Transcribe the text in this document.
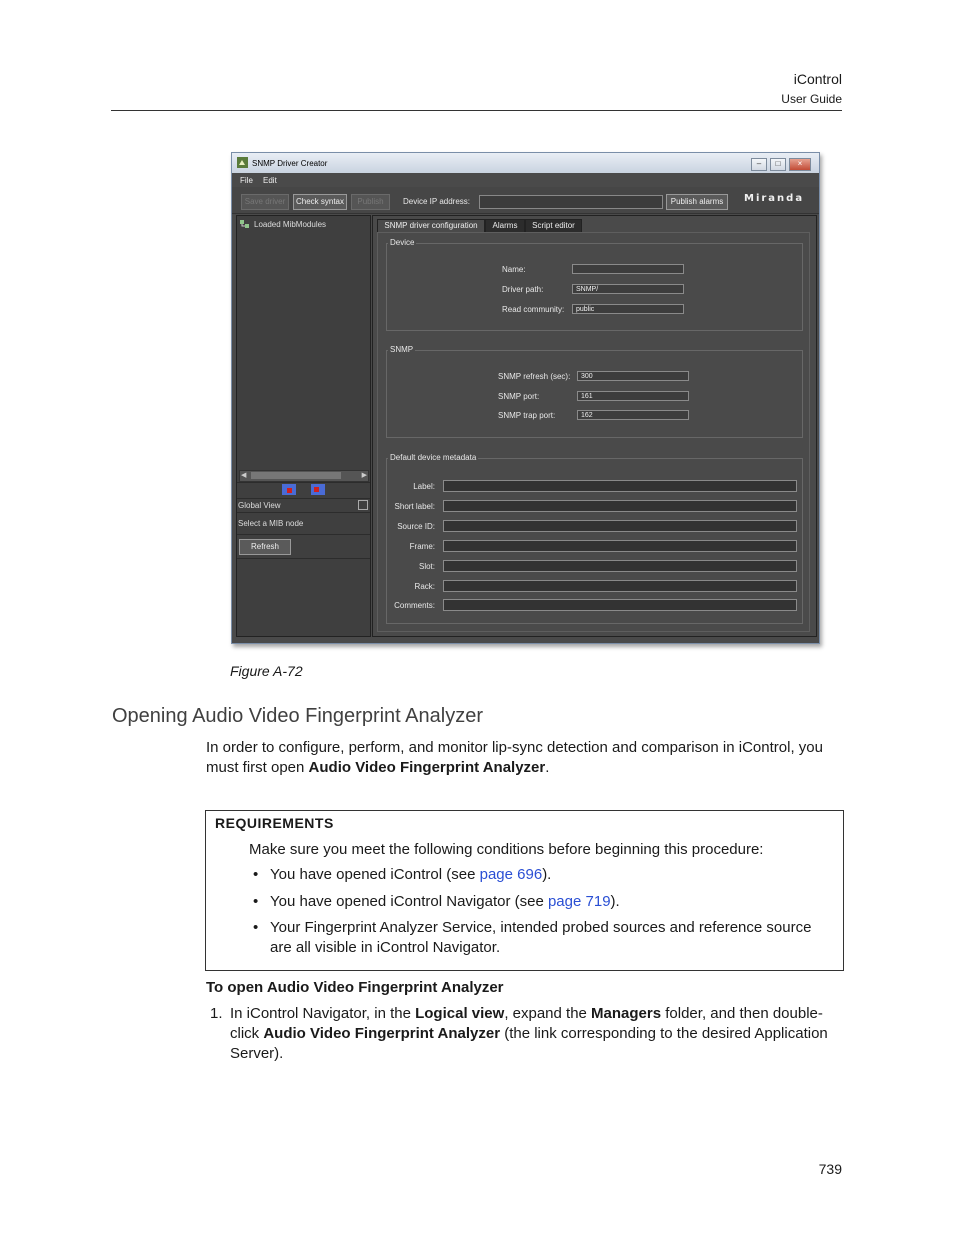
iControl
User Guide
SNMP Driver Creator	–	□	×
File Edit
Save driver	Check syntax	Publish	Device IP address:	Publish alarms	Miranda
Loaded MibModules
◀	▶
Global View
Select a MIB node
Refresh
SNMP driver configuration	Alarms	Script editor
Device
Name:
Driver path:	SNMP/
Read community:	public
SNMP
SNMP refresh (sec):	300
SNMP port:	161
SNMP trap port:	162
Default device metadata
Label:
Short label:
Source ID:
Frame:
Slot:
Rack:
Comments:
Figure A-72
Opening Audio Video Fingerprint Analyzer
In order to configure, perform, and monitor lip-sync detection and comparison in iControl, you must first open Audio Video Fingerprint Analyzer.
REQUIREMENTS
Make sure you meet the following conditions before beginning this procedure:
• You have opened iControl (see page 696).
• You have opened iControl Navigator (see page 719).
• Your Fingerprint Analyzer Service, intended probed sources and reference source are all visible in iControl Navigator.
To open Audio Video Fingerprint Analyzer
1. In iControl Navigator, in the Logical view, expand the Managers folder, and then double-click Audio Video Fingerprint Analyzer (the link corresponding to the desired Application Server).
739
